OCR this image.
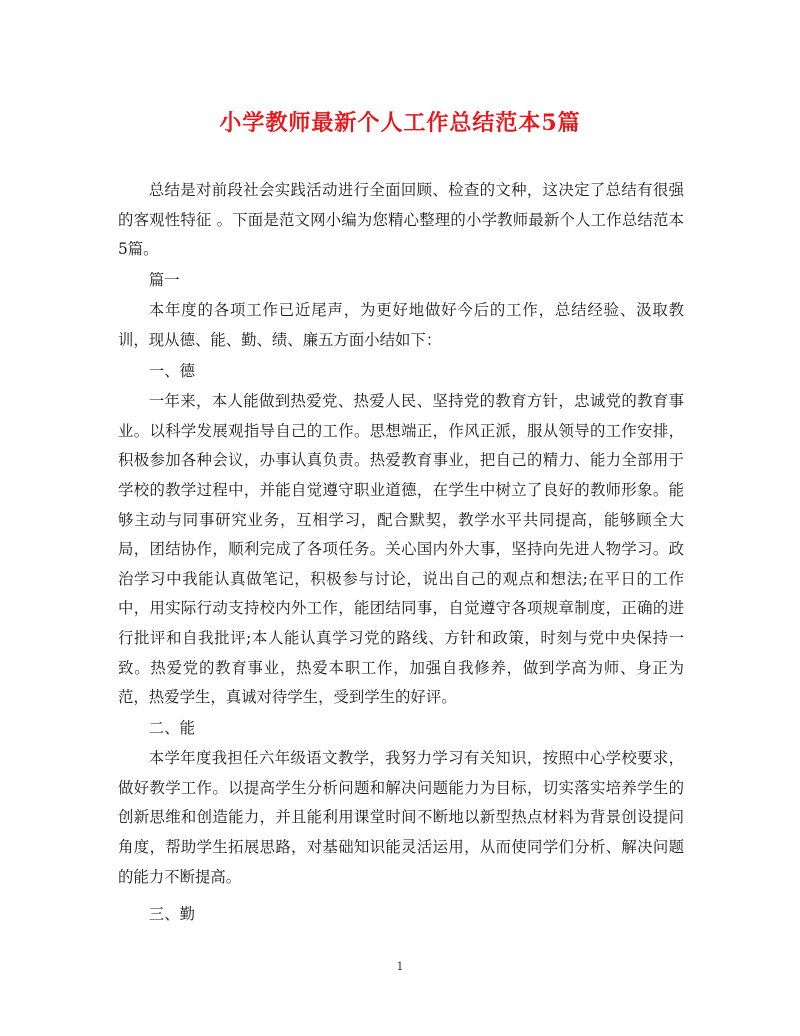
小学教师最新个人工作总结范本5篇

总结是对前段社会实践活动进行全面回顾、检查的文种，这决定了总结有很强的客观性特征 。下面是范文网小编为您精心整理的小学教师最新个人工作总结范本5篇。

篇一

本年度的各项工作已近尾声，为更好地做好今后的工作，总结经验、汲取教训，现从德、能、勤、绩、廉五方面小结如下：

一、德

一年来，本人能做到热爱党、热爱人民、坚持党的教育方针，忠诚党的教育事业。以科学发展观指导自己的工作。思想端正，作风正派，服从领导的工作安排，积极参加各种会议，办事认真负责。热爱教育事业，把自己的精力、能力全部用于学校的教学过程中，并能自觉遵守职业道德，在学生中树立了良好的教师形象。能够主动与同事研究业务，互相学习，配合默契，教学水平共同提高，能够顾全大局，团结协作，顺利完成了各项任务。关心国内外大事，坚持向先进人物学习。政治学习中我能认真做笔记，积极参与讨论，说出自己的观点和想法;在平日的工作中，用实际行动支持校内外工作，能团结同事，自觉遵守各项规章制度，正确的进行批评和自我批评;本人能认真学习党的路线、方针和政策，时刻与党中央保持一致。热爱党的教育事业，热爱本职工作，加强自我修养，做到学高为师、身正为范，热爱学生，真诚对待学生，受到学生的好评。

二、能

本学年度我担任六年级语文教学，我努力学习有关知识，按照中心学校要求，做好教学工作。以提高学生分析问题和解决问题能力为目标，切实落实培养学生的创新思维和创造能力，并且能利用课堂时间不断地以新型热点材料为背景创设提问角度，帮助学生拓展思路，对基础知识能灵活运用，从而使同学们分析、解决问题的能力不断提高。

三、勤

1
